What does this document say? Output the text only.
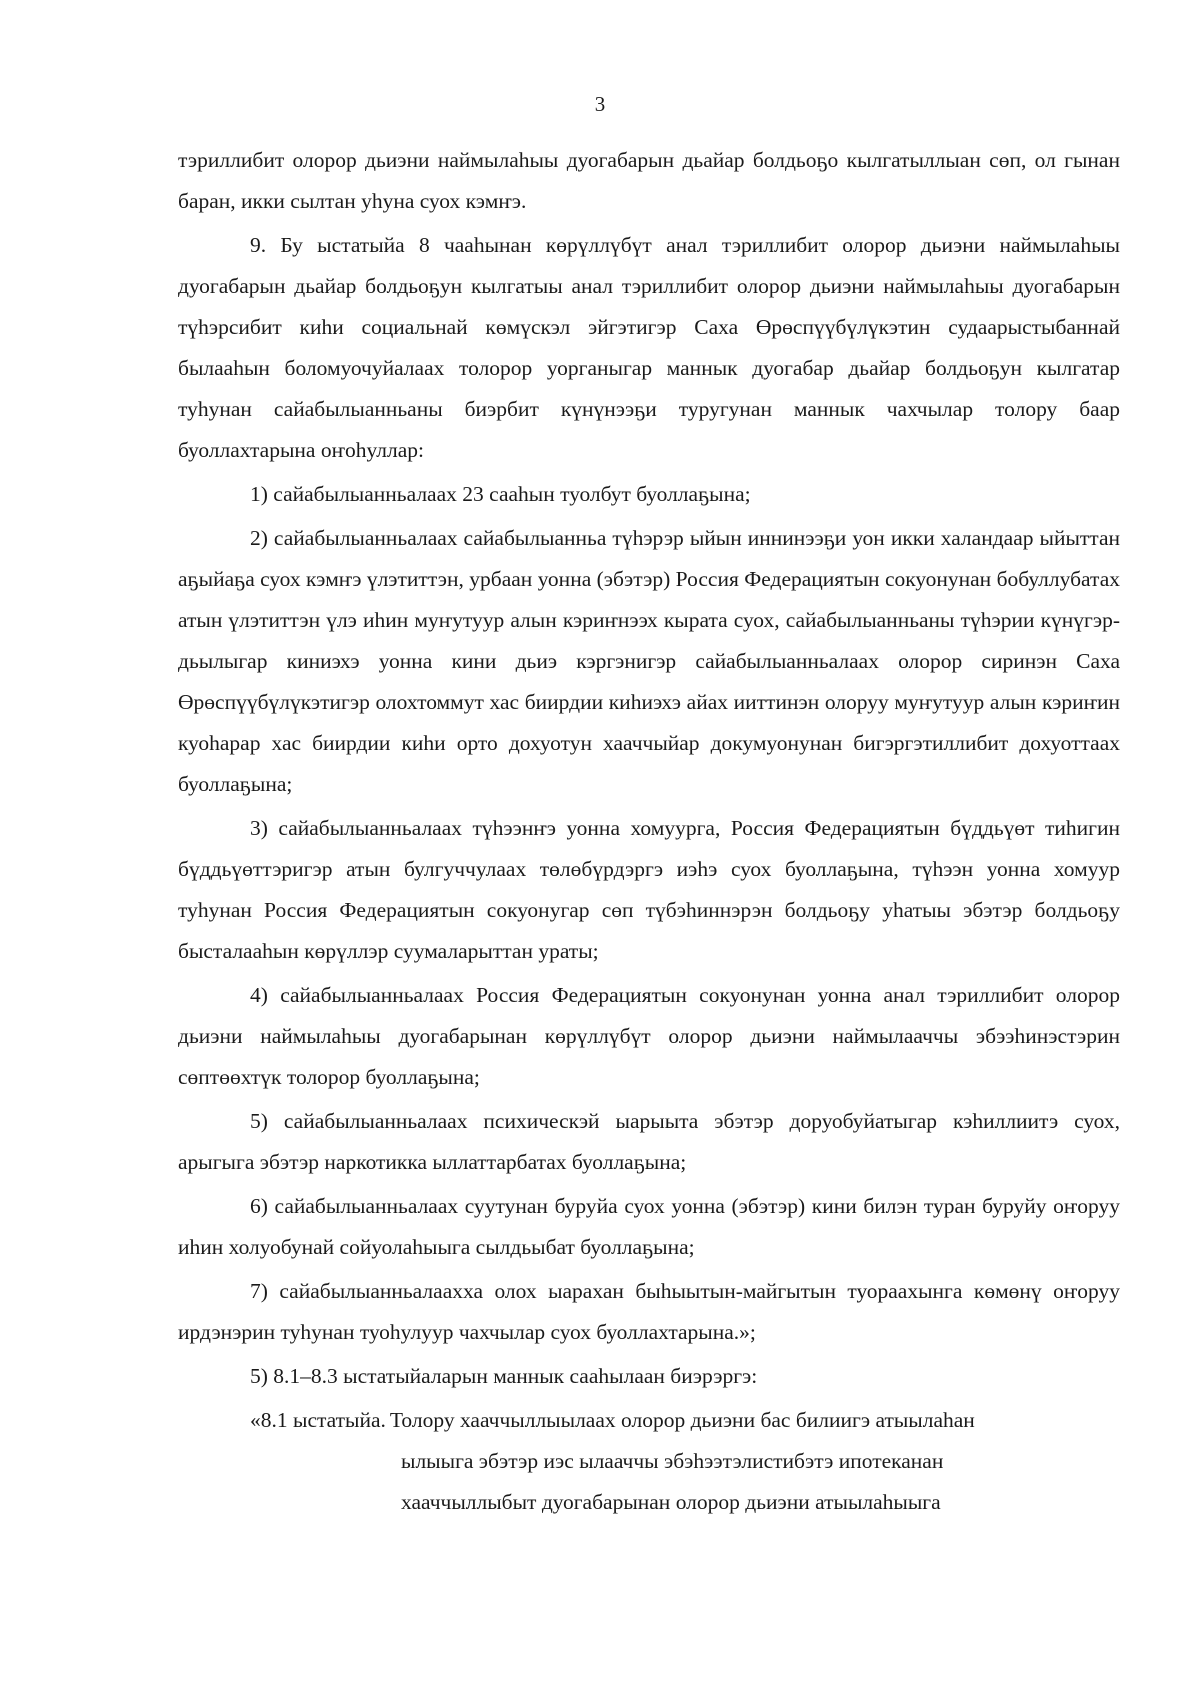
3

тэриллибит олорор дьиэни наймылаһыы дуогабарын дьайар болдьоҕо кылгатыллыан сөп, ол гынан баран, икки сылтан уһуна суох кэмҥэ.

9. Бу ыстатыйа 8 чааһынан көрүллүбүт анал тэриллибит олорор дьиэни наймылаһыы дуогабарын дьайар болдьоҕун кылгатыы анал тэриллибит олорор дьиэни наймылаһыы дуогабарын түһэрсибит киһи социальнай көмүскэл эйгэтигэр Саха Өрөспүүбүлүкэтин судаарыстыбаннай былааһын боломуочуйалаах толорор уорганыгар маннык дуогабар дьайар болдьоҕун кылгатар туһунан сайабылыанньаны биэрбит күнүнээҕи туругунан маннык чахчылар толору баар буоллахтарына оҥоһуллар:

1) сайабылыанньалаах 23 сааһын туолбут буоллаҕына;

2) сайабылыанньалаах сайабылыанньа түһэрэр ыйын иннинээҕи уон икки халандаар ыйыттан аҕыйаҕа суох кэмҥэ үлэтиттэн, урбаан уонна (эбэтэр) Россия Федерациятын сокуонунан бобуллубатах атын үлэтиттэн үлэ иһин муҥутуур алын кэриҥнээх кырата суох, сайабылыанньаны түһэрии күнүгэр-дьылыгар киниэхэ уонна кини дьиэ кэргэнигэр сайабылыанньалаах олорор сиринэн Саха Өрөспүүбүлүкэтигэр олохтоммут хас биирдии киһиэхэ айах ииттинэн олоруу муҥутуур алын кэриҥин куоһарар хас биирдии киһи орто дохуотун хааччыйар докумуонунан бигэргэтиллибит дохуоттаах буоллаҕына;

3) сайабылыанньалаах түһээнҥэ уонна хомуурга, Россия Федерациятын бүддьүөт тиһигин бүддьүөттэригэр атын булгуччулаах төлөбүрдэргэ иэһэ суох буоллаҕына, түһээн уонна хомуур туһунан Россия Федерациятын сокуонугар сөп түбэһиннэрэн болдьоҕу уһатыы эбэтэр болдьоҕу бысталааһын көрүллэр суумаларыттан ураты;

4) сайабылыанньалаах Россия Федерациятын сокуонунан уонна анал тэриллибит олорор дьиэни наймылаһыы дуогабарынан көрүллүбүт олорор дьиэни наймылааччы эбээһинэстэрин сөптөөхтүк толорор буоллаҕына;

5) сайабылыанньалаах психическэй ыарыыта эбэтэр доруобуйатыгар кэһиллиитэ суох, арыгыга эбэтэр наркотикка ыллаттарбатах буоллаҕына;

6) сайабылыанньалаах суутунан буруйа суох уонна (эбэтэр) кини билэн туран буруйу оҥоруу иһин холуобунай сойуолаһыыга сылдьыбат буоллаҕына;

7) сайабылыанньалаахха олох ыарахан быһыытын-майгытын туораахынга көмөнү оҥоруу ирдэнэрин туһунан туоһулуур чахчылар суох буоллахтарына.»;

5) 8.1–8.3 ыстатыйаларын маннык сааһылаан биэрэргэ:

«8.1 ыстатыйа. Толору хааччыллыылаах олорор дьиэни бас билиигэ атыылаһан
ылыыга эбэтэр иэс ылааччы эбэһээтэлистибэтэ ипотеканан
хааччыллыбыт дуогабарынан олорор дьиэни атыылаһыыга
